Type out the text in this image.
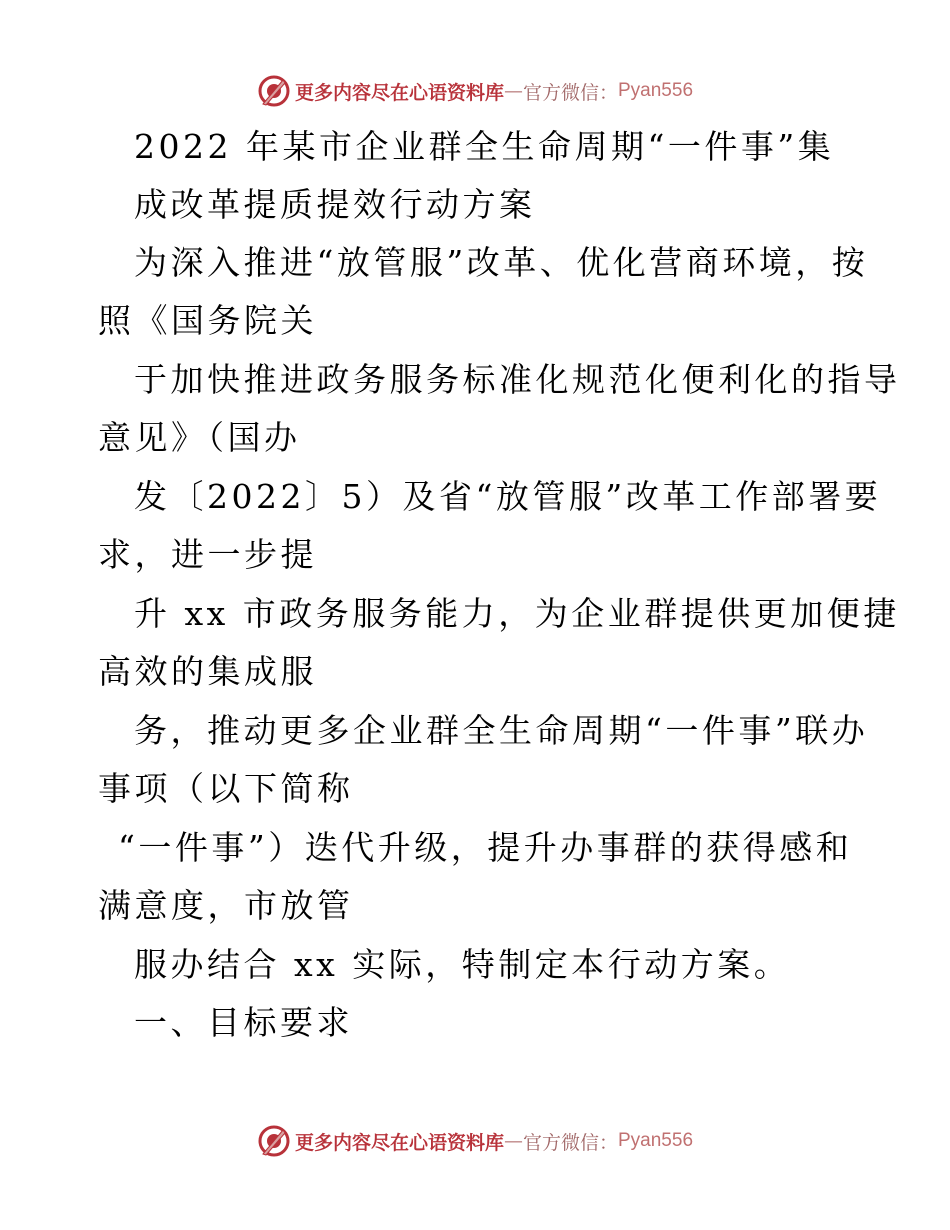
更多内容尽在心语资料库 — 官方微信： Pyan556
2022 年某市企业群全生命周期“一件事”集
成改革提质提效行动方案
为深入推进“放管服”改革、优化营商环境，按
照《国务院关
于加快推进政务服务标准化规范化便利化的指导
意见》（国办
发〔2022〕5）及省“放管服”改革工作部署要
求，进一步提
升 xx 市政务服务能力，为企业群提供更加便捷
高效的集成服
务，推动更多企业群全生命周期“一件事”联办
事项（以下简称
“一件事”）迭代升级，提升办事群的获得感和
满意度，市放管
服办结合 xx 实际，特制定本行动方案。
一、目标要求
更多内容尽在心语资料库 — 官方微信： Pyan556
